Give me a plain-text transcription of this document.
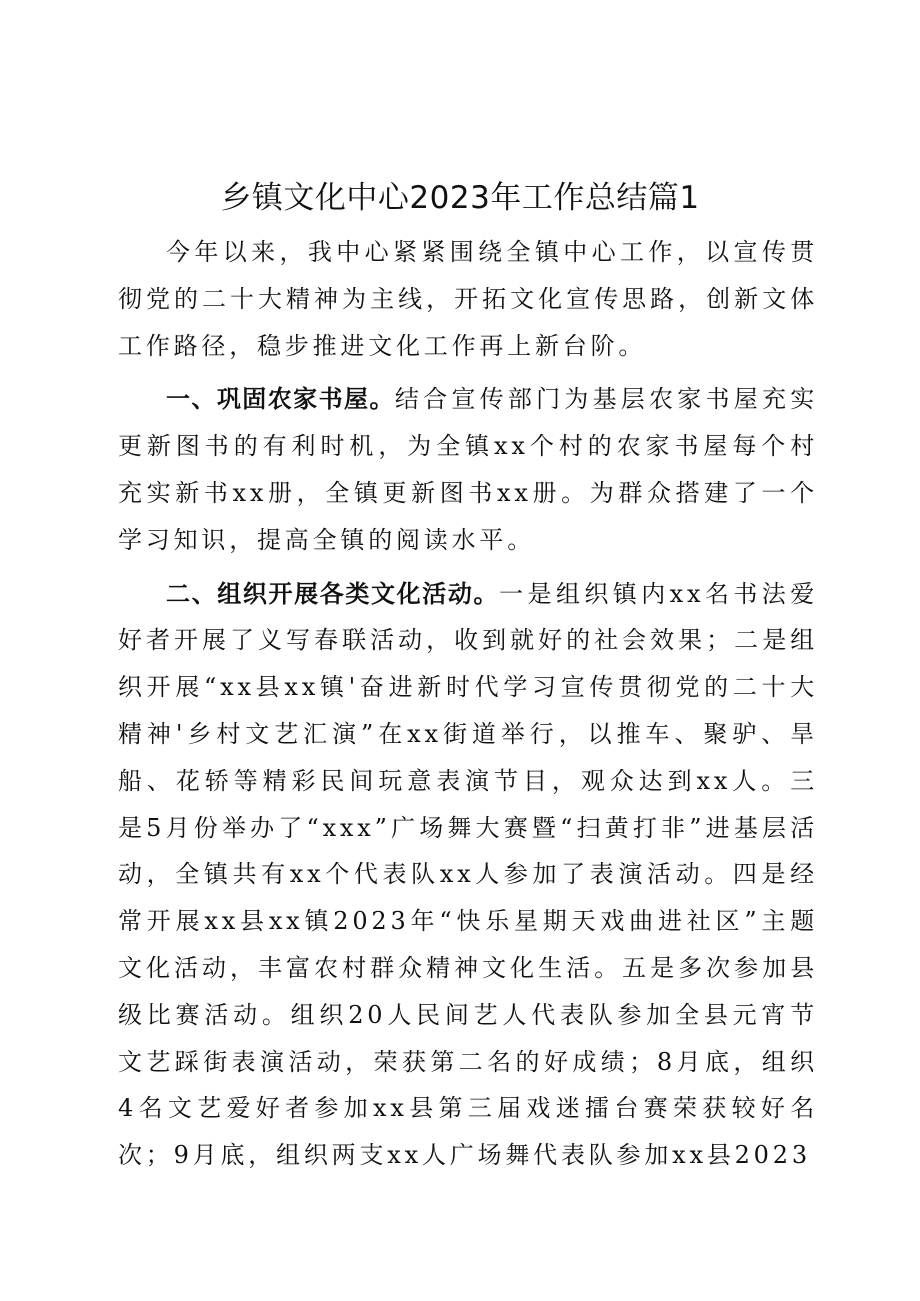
乡镇文化中心2023年工作总结篇1

今年以来，我中心紧紧围绕全镇中心工作，以宣传贯彻党的二十大精神为主线，开拓文化宣传思路，创新文体工作路径，稳步推进文化工作再上新台阶。

一、巩固农家书屋。结合宣传部门为基层农家书屋充实更新图书的有利时机，为全镇xx个村的农家书屋每个村充实新书xx册，全镇更新图书xx册。为群众搭建了一个学习知识，提高全镇的阅读水平。

二、组织开展各类文化活动。一是组织镇内xx名书法爱好者开展了义写春联活动，收到就好的社会效果；二是组织开展“xx县xx镇'奋进新时代学习宣传贯彻党的二十大精神'乡村文艺汇演”在xx街道举行，以推车、聚驴、旱船、花轿等精彩民间玩意表演节目，观众达到xx人。三是5月份举办了“xxx”广场舞大赛暨“扫黄打非”进基层活动，全镇共有xx个代表队xx人参加了表演活动。四是经常开展xx县xx镇2023年“快乐星期天戏曲进社区”主题文化活动，丰富农村群众精神文化生活。五是多次参加县级比赛活动。组织20人民间艺人代表队参加全县元宵节文艺踩街表演活动，荣获第二名的好成绩；8月底，组织4名文艺爱好者参加xx县第三届戏迷擂台赛荣获较好名次；9月底，组织两支xx人广场舞代表队参加xx县2023
